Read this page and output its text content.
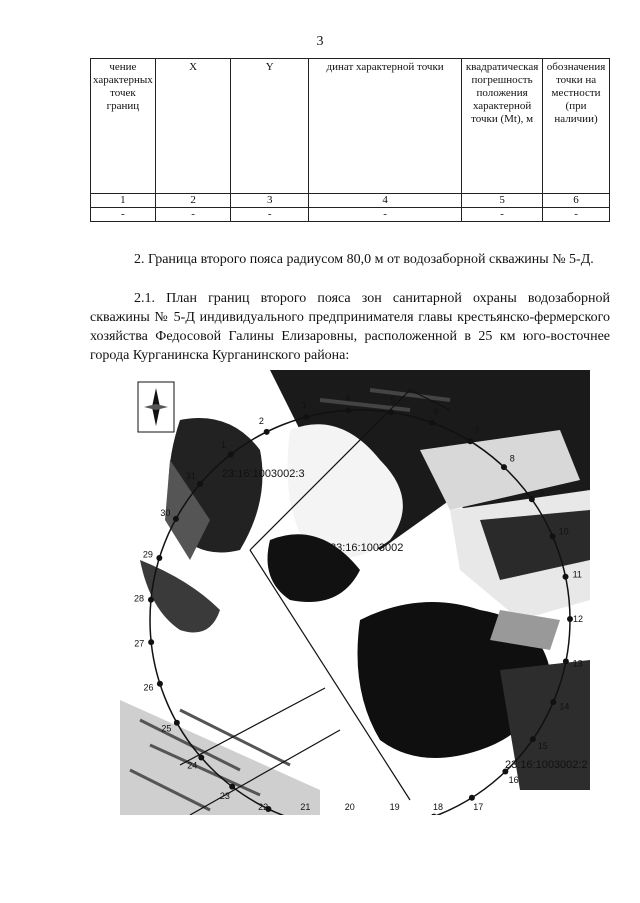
3
чение характерных точек границ	X	Y	динат характерной точки	квадратическая погрешность положения характерной точки (Mt), м	обозначения точки на местности (при наличии)
1	2	3	4	5	6
-	-	-	-	-	-
2. Граница второго пояса радиусом 80,0 м от водозаборной скважины № 5-Д.
2.1. План границ второго пояса зон санитарной охраны водозаборной скважины № 5-Д индивидуального предпринимателя главы крестьянско-фермерского хозяйства Федосовой Галины Елизаровны, расположенной в 25 км юго-восточнее города Курганинска Курганинского района:
1
2
3
4	5
6
7
8
9
10
11
12
13
14
15
16
17
18
19
20
21
22
23
24
25
26
27
28
29
30
31 23:16:1003002:3
23:16:1003002
23:16:1003002:2
